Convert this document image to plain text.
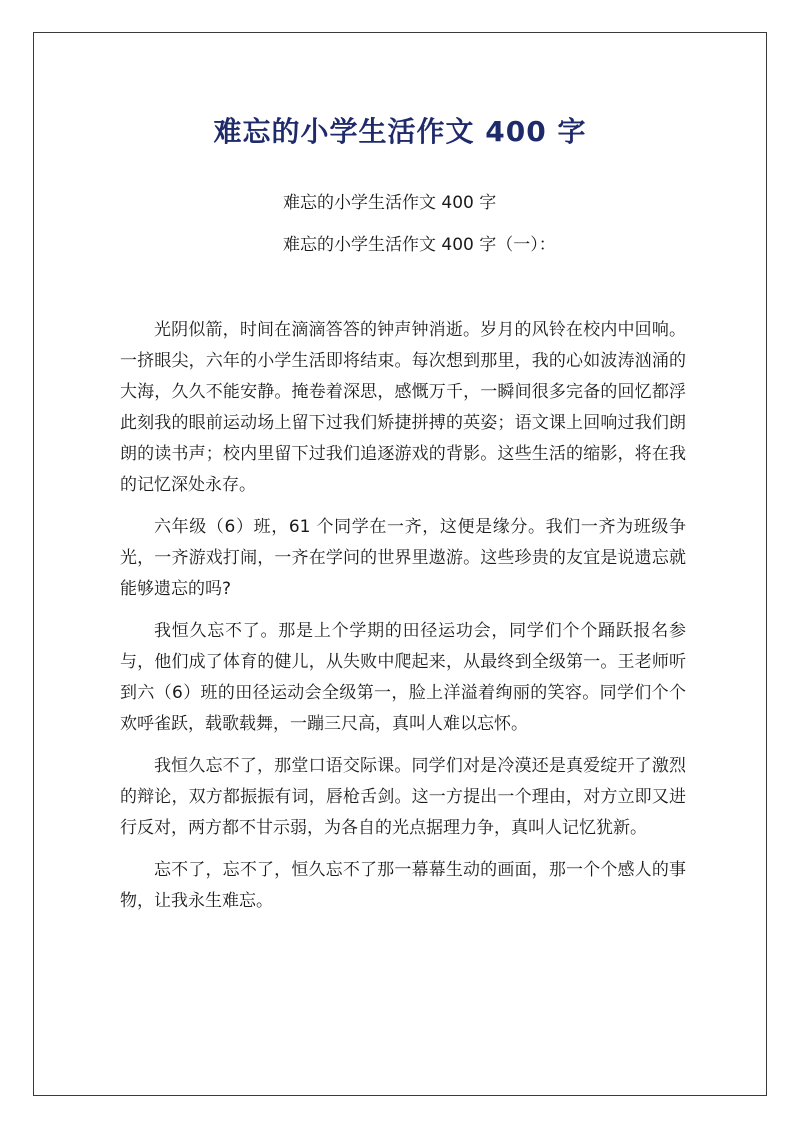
难忘的小学生活作文 400 字

难忘的小学生活作文 400 字

难忘的小学生活作文 400 字（一）：

光阴似箭，时间在滴滴答答的钟声钟消逝。岁月的风铃在校内中回响。一挤眼尖，六年的小学生活即将结束。每次想到那里，我的心如波涛汹涌的大海，久久不能安静。掩卷着深思，感慨万千，一瞬间很多完备的回忆都浮此刻我的眼前运动场上留下过我们矫捷拼搏的英姿；语文课上回响过我们朗朗的读书声；校内里留下过我们追逐游戏的背影。这些生活的缩影，将在我的记忆深处永存。

六年级（6）班，61 个同学在一齐，这便是缘分。我们一齐为班级争光，一齐游戏打闹，一齐在学问的世界里遨游。这些珍贵的友宜是说遗忘就能够遗忘的吗?

我恒久忘不了。那是上个学期的田径运功会，同学们个个踊跃报名参与，他们成了体育的健儿，从失败中爬起来，从最终到全级第一。王老师听到六（6）班的田径运动会全级第一，脸上洋溢着绚丽的笑容。同学们个个欢呼雀跃，载歌载舞，一蹦三尺高，真叫人难以忘怀。

我恒久忘不了，那堂口语交际课。同学们对是冷漠还是真爱绽开了激烈的辩论，双方都振振有词，唇枪舌剑。这一方提出一个理由，对方立即又进行反对，两方都不甘示弱，为各自的光点据理力争，真叫人记忆犹新。

忘不了，忘不了，恒久忘不了那一幕幕生动的画面，那一个个感人的事物，让我永生难忘。
